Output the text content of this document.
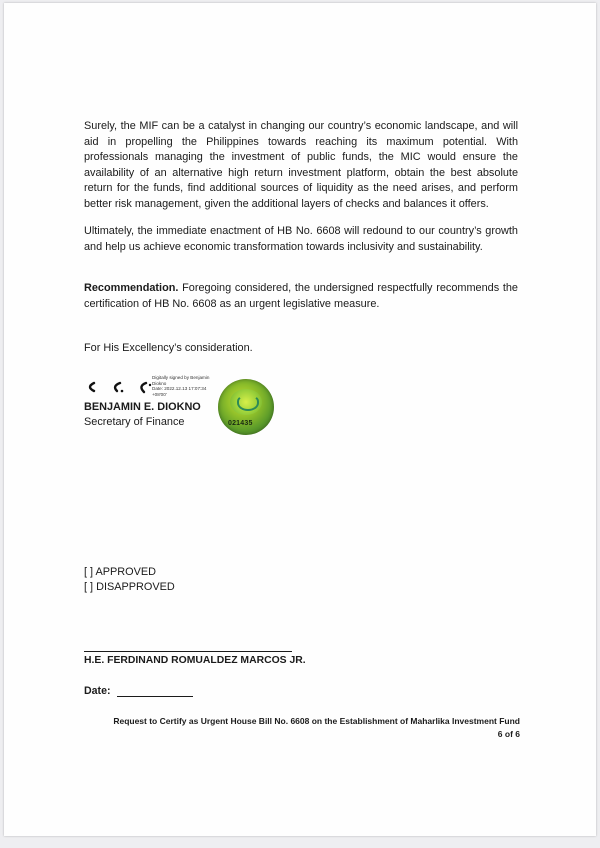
Surely, the MIF can be a catalyst in changing our country’s economic landscape, and will aid in propelling the Philippines towards reaching its maximum potential. With professionals managing the investment of public funds, the MIC would ensure the availability of an alternative high return investment platform, obtain the best absolute return for the funds, find additional sources of liquidity as the need arises, and perform better risk management, given the additional layers of checks and balances it offers.

Ultimately, the immediate enactment of HB No. 6608 will redound to our country’s growth and help us achieve economic transformation towards inclusivity and sustainability.

Recommendation. Foregoing considered, the undersigned respectfully recommends the certification of HB No. 6608 as an urgent legislative measure.

For His Excellency’s consideration.

Digitally signed by Benjamin
Diokno
Date: 2022.12.13 17:07:34
+08'00'

BENJAMIN E. DIOKNO

Secretary of Finance	021435

[ ] APPROVED

[ ] DISAPPROVED

H.E. FERDINAND ROMUALDEZ MARCOS JR.

Date:

Request to Certify as Urgent House Bill No. 6608 on the Establishment of Maharlika Investment Fund

6 of 6
